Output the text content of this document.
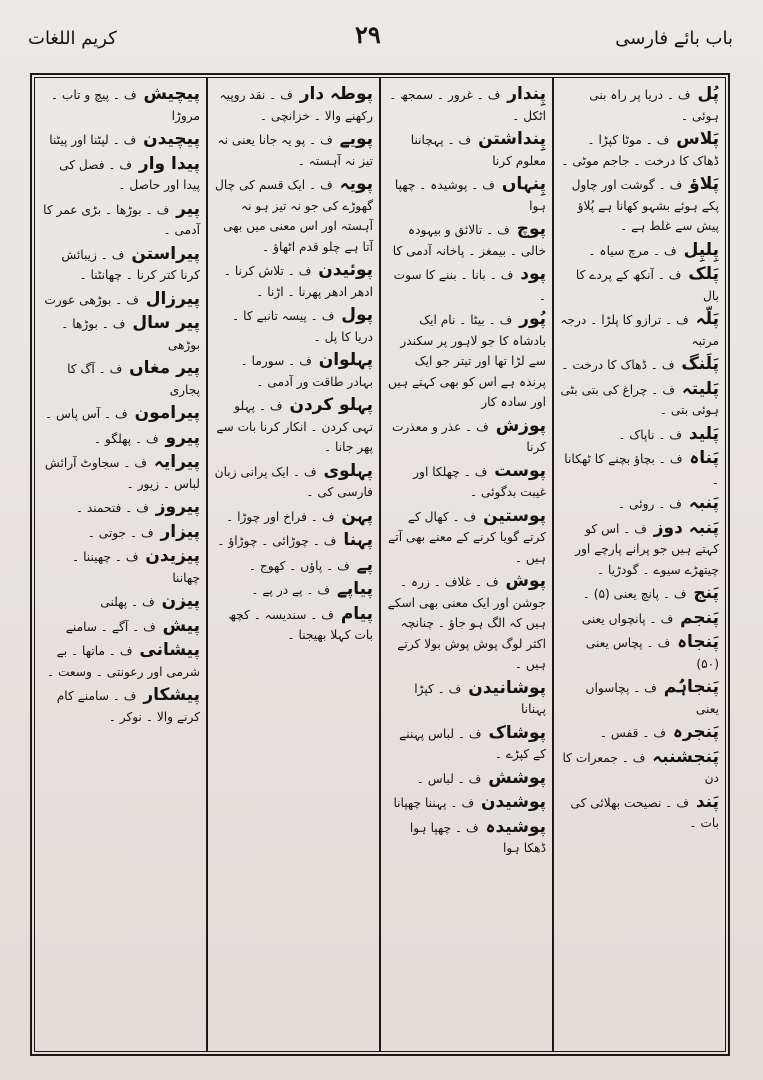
باب بائے فارسی
۲۹
کریم اللغات
پُل ف ۔ دریا پر راہ بنی ہوئی ۔
پَلاس ف ۔ موٹا کپڑا ۔ ڈھاک کا درخت ۔ جاجم موٹی ۔
پَلاؤ ف ۔ گوشت اور چاول پکے ہوئے بشہو کھانا ہے پُلاؤ پیش سے غلط ہے ۔
پِلپِل ف ۔ مرچ سیاہ ۔
پَلک ف ۔ آنکھ کے پردے کا بال
پَلّہ ف ۔ ترازو کا پلڑا ۔ درجہ مرتبہ
پَلَنگ ف ۔ ڈھاک کا درخت ۔
پَلیتہ ف ۔ چراغ کی بتی بٹی ہوئی بتی ۔
پَلید ف ۔ ناپاک ۔
پَناہ ف ۔ بچاؤ بچنے کا ٹھکانا ۔
پَنبہ ف ۔ روئی ۔
پَنبہ دوز ف ۔ اس کو کہتے ہیں جو پرانے پارچے اور چیتھڑے سیوے ۔ گودڑیا ۔
پَنج ف ۔ پانچ یعنی (۵) ۔
پَنجم ف ۔ پانچواں یعنی
پَنجاہ ف ۔ پچاس یعنی (۵۰)
پَنجاہُم ف ۔ پچاسواں یعنی
پَنجرہ ف ۔ قفس ۔
پَنجشنبہ ف ۔ جمعرات کا دن
پَند ف ۔ نصیحت بھلائی کی بات ۔
پِندار ف ۔ غرور ۔ سمجھ ۔ اٹکل ۔
پِنداشتن ف ۔ پہچاننا معلوم کرنا
پِنہاں ف ۔ پوشیدہ ۔ چھپا ہوا
پوچ ف ۔ تالائق و بیہودہ خالی ۔ بیمغز ۔ پاخانہ آدمی کا
پود ف ۔ بانا ۔ بننے کا سوت ۔
پُور ف ۔ بیٹا ۔ نام ایک بادشاہ کا جو لاہور پر سکندر سے لڑا تھا اور تیتر جو ایک پرندہ ہے اس کو بھی کہتے ہیں اور سادہ کار
پوزش ف ۔ عذر و معذرت کرنا
پوست ف ۔ چھلکا اور غیبت بدگوئی ۔
پوستین ف ۔ کھال کے کرتے گویا کرنے کے معنے بھی آتے ہیں ۔
پوش ف ۔ غلاف ۔ زرہ ۔ جوشن اور ایک معنی بھی اسکے ہیں کہ الگ ہو جاؤ ۔ چنانچہ اکثر لوگ پوش پوش بولا کرتے ہیں ۔
پوشانیدن ف ۔ کپڑا پہنانا
پوشاک ف ۔ لباس پہننے کے کپڑے ۔
پوشش ف ۔ لباس ۔
پوشیدن ف ۔ پہننا چھپانا
پوشیدہ ف ۔ چھپا ہوا ڈھکا ہوا
پوطہ دار ف ۔ نقد روپیہ رکھنے والا ۔ خزانچی ۔
پویے ف ۔ پو یہ جانا یعنی نہ تیز نہ آہستہ ۔
پویہ ف ۔ ایک قسم کی چال گھوڑے کی جو نہ تیز ہو نہ آہستہ اور اس معنی میں بھی آتا ہے چلو قدم اٹھاؤ ۔
پوئیدن ف ۔ تلاش کرنا ۔ ادھر ادھر پھرنا ۔ اڑنا ۔
پول ف ۔ پیسہ تانبے کا ۔ دریا کا پل ۔
پہلوان ف ۔ سورما ۔ بہادر طاقت ور آدمی ۔
پہلو کردن ف ۔ پہلو تہی کردن ۔ انکار کرنا بات سے پھر جانا ۔
پہلوی ف ۔ ایک پرانی زبان فارسی کی ۔
پہن ف ۔ فراخ اور چوڑا ۔
پہنا ف ۔ چوڑائی ۔ چوڑاؤ ۔
پے ف ۔ پاؤں ۔ کھوج ۔
پیاپے ف ۔ پے در پے ۔
پیام ف ۔ سندیسہ ۔ کچھ بات کہلا بھیجنا ۔
پیچیش ف ۔ پیچ و تاب ۔ مروڑا
پیچیدن ف ۔ لپٹنا اور پیٹنا
پیدا وار ف ۔ فصل کی پیدا اور حاصل ۔
پیر ف ۔ بوڑھا ۔ بڑی عمر کا آدمی ۔
پیراستن ف ۔ زیبائش کرنا کتر کرنا ۔ چھانٹنا ۔
پیرزال ف ۔ بوڑھی عورت
پیر سال ف ۔ بوڑھا ۔ بوڑھی
پیر مغاں ف ۔ آگ کا پجاری
پیرامون ف ۔ آس پاس ۔
پیرو ف ۔ پھلگو ۔
پیرایہ ف ۔ سجاوٹ آرائش لباس ۔ زیور ۔
پیروز ف ۔ فتحمند ۔
پیزار ف ۔ جوتی ۔
پیزیدن ف ۔ چھیننا ۔ چھاننا
پیزن ف ۔ پھلنی
پیش ف ۔ آگے ۔ سامنے
پیشانی ف ۔ ماتھا ۔ بے شرمی اور رعونتی ۔ وسعت ۔
پیشکار ف ۔ سامنے کام کرنے والا ۔ نوکر ۔
